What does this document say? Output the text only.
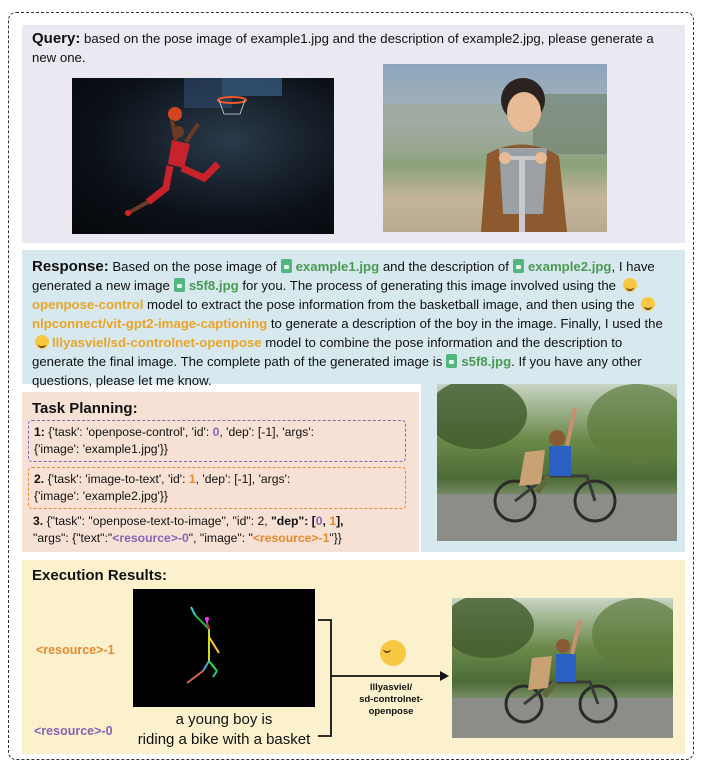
Query: based on the pose image of example1.jpg and the description of example2.jpg, please generate a new one.
Response: Based on the pose image of example1.jpg and the description of example2.jpg, I have generated a new image s5f8.jpg for you. The process of generating this image involved using the openpose-control model to extract the pose information from the basketball image, and then using the nlpconnect/vit-gpt2-image-captioning to generate a description of the boy in the image. Finally, I used the lllyasviel/sd-controlnet-openpose model to combine the pose information and the description to generate the final image. The complete path of the generated image is s5f8.jpg. If you have any other questions, please let me know.
Task Planning:
1: {'task': 'openpose-control', 'id': 0, 'dep': [-1], 'args':
{'image': 'example1.jpg'}}
2. {'task': 'image-to-text', 'id': 1, 'dep': [-1], 'args':
{'image': 'example2.jpg'}}
3. {"task": "openpose-text-to-image", "id": 2, "dep": [0, 1],
"args": {"text":"<resource>-0", "image": "<resource>-1"}}
Execution Results:
<resource>-1
<resource>-0
a young boy is
riding a bike with a basket
lllyasviel/
sd-controlnet-
openpose
